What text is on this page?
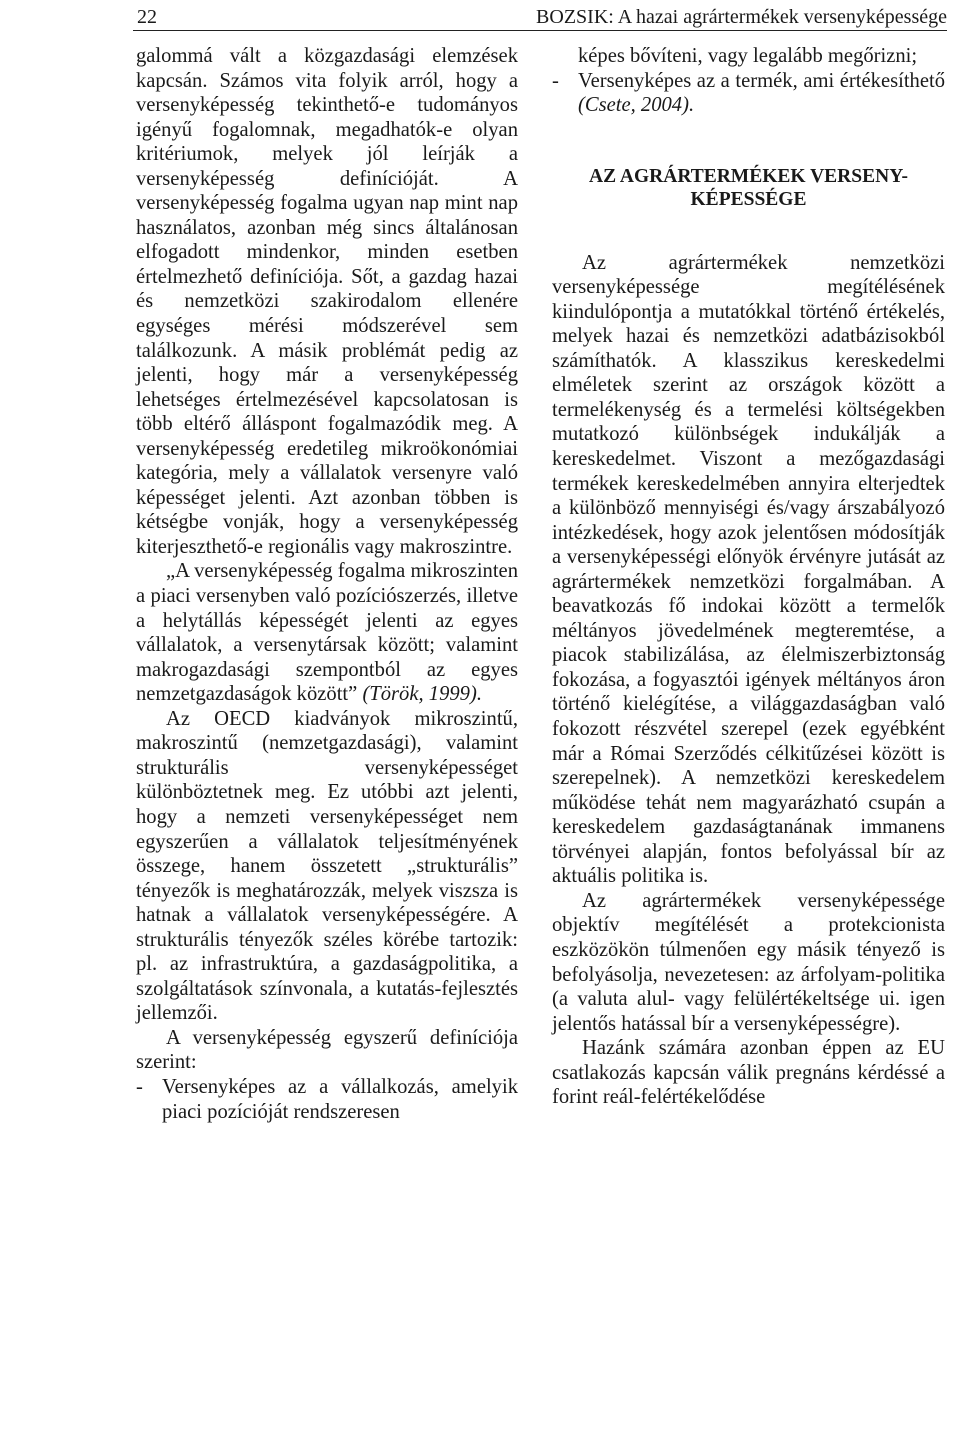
22	BOZSIK: A hazai agrártermékek versenyképessége

galommá vált a közgazdasági elemzések kapcsán. Számos vita folyik arról, hogy a versenyképesség tekinthető-e tudományos igényű fogalomnak, megadhatók-e olyan kritériumok, melyek jól leírják a versenyképesség definícióját. A versenyképesség fogalma ugyan nap mint nap használatos, azonban még sincs általánosan elfogadott mindenkor, minden esetben értelmezhető definíciója. Sőt, a gazdag hazai és nemzetközi szakirodalom ellenére egységes mérési módszerével sem találkozunk. A másik problémát pedig az jelenti, hogy már a versenyképesség lehetséges értelmezésével kapcsolatosan is több eltérő álláspont fogalmazódik meg. A versenyképesség eredetileg mikroökonómiai kategória, mely a vállalatok versenyre való képességet jelenti. Azt azonban többen is kétségbe vonják, hogy a versenyképesség kiterjeszthető-e regionális vagy makroszintre.

„A versenyképesség fogalma mikroszinten a piaci versenyben való pozíciószerzés, illetve a helytállás képességét jelenti az egyes vállalatok, a versenytársak között; valamint makrogazdasági szempontból az egyes nemzetgazdaságok között” (Török, 1999).

Az OECD kiadványok mikroszintű, makroszintű (nemzetgazdasági), valamint strukturális versenyképességet különböztetnek meg. Ez utóbbi azt jelenti, hogy a nemzeti versenyképességet nem egyszerűen a vállalatok teljesítményének összege, hanem összetett „strukturális” tényezők is meghatározzák, melyek viszsza is hatnak a vállalatok versenyképességére. A strukturális tényezők széles körébe tartozik: pl. az infrastruktúra, a gazdaságpolitika, a szolgáltatások színvonala, a kutatás-fejlesztés jellemzői.

A versenyképesség egyszerű definíciója szerint:

- Versenyképes az a vállalkozás, amelyik piaci pozícióját rendszeresen
képes bővíteni, vagy legalább megőrizni;
- Versenyképes az a termék, ami értékesíthető (Csete, 2004).
AZ AGRÁRTERMÉKEK VERSENY-
KÉPESSÉGE

Az agrártermékek nemzetközi versenyképessége megítélésének kiindulópontja a mutatókkal történő értékelés, melyek hazai és nemzetközi adatbázisokból számíthatók. A klasszikus kereskedelmi elméletek szerint az országok között a termelékenység és a termelési költségekben mutatkozó különbségek indukálják a kereskedelmet. Viszont a mezőgazdasági termékek kereskedelmében annyira elterjedtek a különböző mennyiségi és/vagy árszabályozó intézkedések, hogy azok jelentősen módosítják a versenyképességi előnyök érvényre jutását az agrártermékek nemzetközi forgalmában. A beavatkozás fő indokai között a termelők méltányos jövedelmének megteremtése, a piacok stabilizálása, az élelmiszerbiztonság fokozása, a fogyasztói igények méltányos áron történő kielégítése, a világgazdaságban való fokozott részvétel szerepel (ezek egyébként már a Római Szerződés célkitűzései között is szerepelnek). A nemzetközi kereskedelem működése tehát nem magyarázható csupán a kereskedelem gazdaságtanának immanens törvényei alapján, fontos befolyással bír az aktuális politika is.

Az agrártermékek versenyképessége objektív megítélését a protekcionista eszközökön túlmenően egy másik tényező is befolyásolja, nevezetesen: az árfolyam-politika (a valuta alul- vagy felülértékeltsége ui. igen jelentős hatással bír a versenyképességre).

Hazánk számára azonban éppen az EU csatlakozás kapcsán válik pregnáns kérdéssé a forint reál-felértékelődése
